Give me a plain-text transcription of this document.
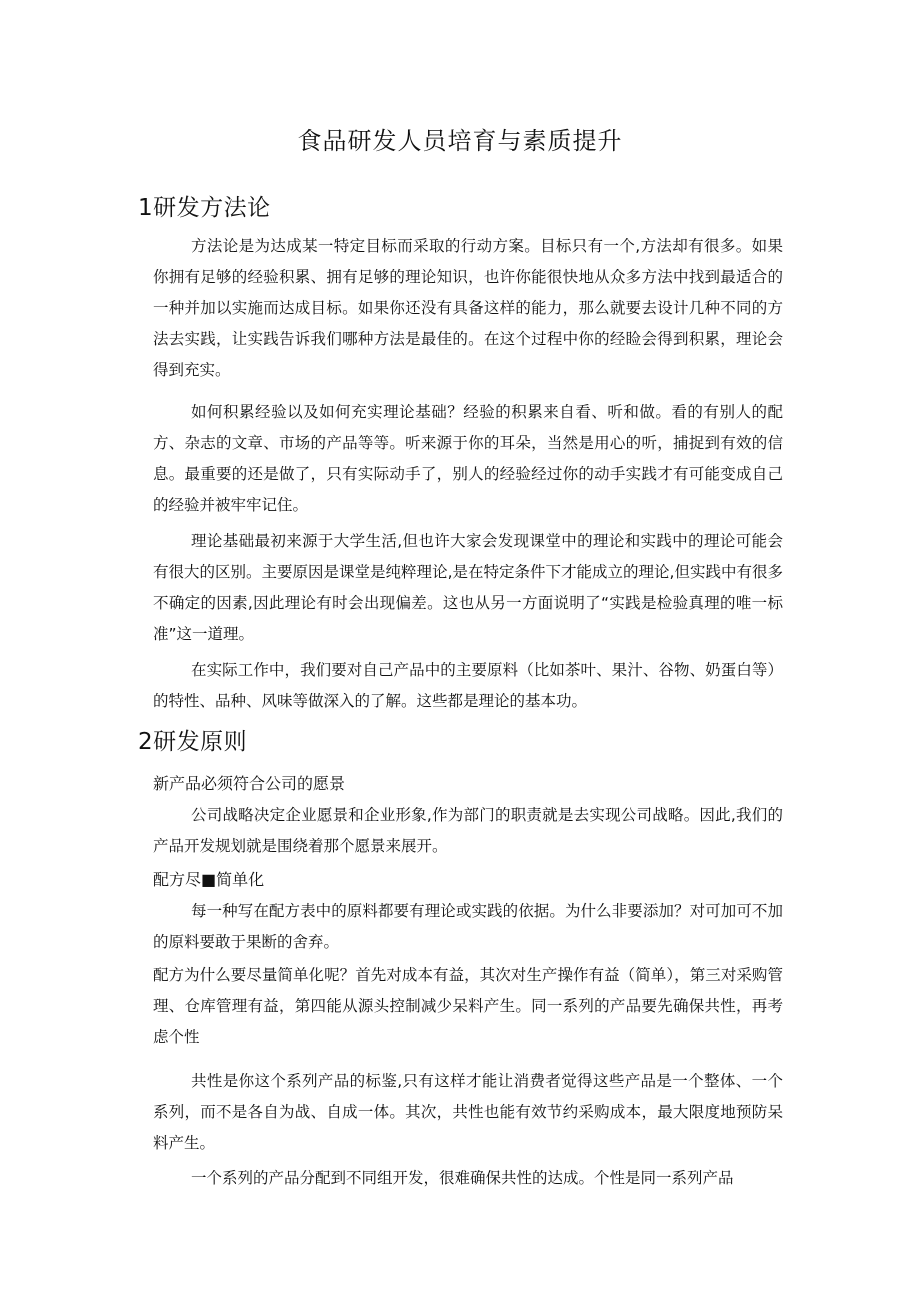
食品研发人员培育与素质提升
1研发方法论

方法论是为达成某一特定目标而采取的行动方案。目标只有一个,方法却有很多。如果你拥有足够的经验积累、拥有足够的理论知识，也许你能很快地从众多方法中找到最适合的一种并加以实施而达成目标。如果你还没有具备这样的能力，那么就要去设计几种不同的方法去实践，让实践告诉我们哪种方法是最佳的。在这个过程中你的经睑会得到积累，理论会得到充实。

如何积累经验以及如何充实理论基础？经验的积累来自看、听和做。看的有别人的配方、杂志的文章、市场的产品等等。听来源于你的耳朵，当然是用心的听，捕捉到有效的信息。最重要的还是做了，只有实际动手了，别人的经验经过你的动手实践才有可能变成自己的经验并被牢牢记住。

理论基础最初来源于大学生活,但也许大家会发现课堂中的理论和实践中的理论可能会有很大的区别。主要原因是课堂是纯粹理论,是在特定条件下才能成立的理论,但实践中有很多不确定的因素,因此理论有时会出现偏差。这也从另一方面说明了“实践是检验真理的唯一标准”这一道理。

在实际工作中，我们要对自己产品中的主要原料（比如茶叶、果汁、谷物、奶蛋白等）的特性、品种、风味等做深入的了解。这些都是理论的基本功。

2研发原则

新产品必须符合公司的愿景

公司战略决定企业愿景和企业形象,作为部门的职责就是去实现公司战略。因此,我们的产品开发规划就是围绕着那个愿景来展开。

配方尽■简单化

每一种写在配方表中的原料都要有理论或实践的依据。为什么非要添加？对可加可不加的原料要敢于果断的舍弃。

配方为什么要尽量简单化呢？首先对成本有益，其次对生产操作有益（简单），第三对采购管理、仓库管理有益，第四能从源头控制减少呆料产生。同一系列的产品要先确保共性，再考虑个性

共性是你这个系列产品的标鉴,只有这样才能让消费者觉得这些产品是一个整体、一个系列，而不是各自为战、自成一体。其次，共性也能有效节约采购成本，最大限度地预防呆料产生。

一个系列的产品分配到不同组开发，很难确保共性的达成。个性是同一系列产品
